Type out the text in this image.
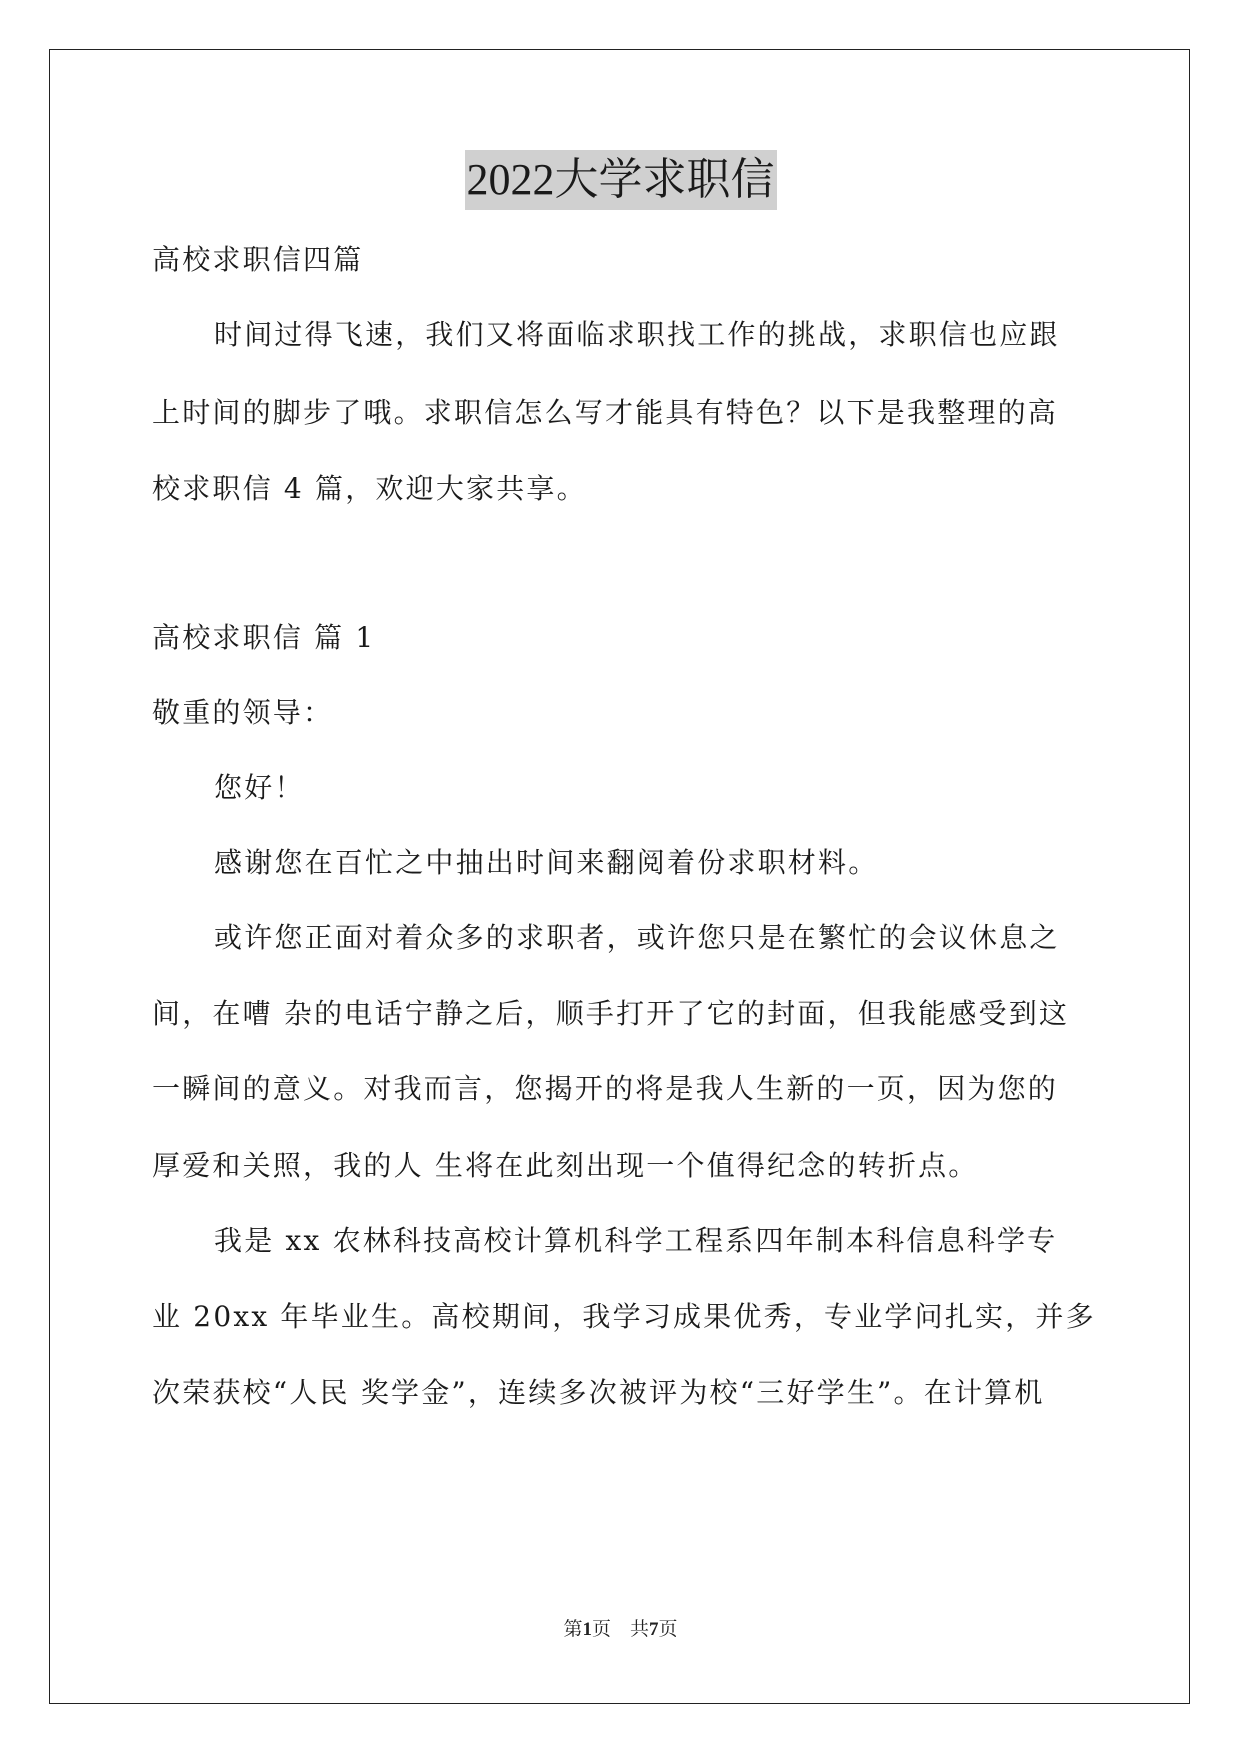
2022大学求职信
高校求职信四篇
时间过得飞速，我们又将面临求职找工作的挑战，求职信也应跟
上时间的脚步了哦。求职信怎么写才能具有特色？以下是我整理的高
校求职信 4 篇，欢迎大家共享。
高校求职信 篇 1
敬重的领导：
您好！
感谢您在百忙之中抽出时间来翻阅着份求职材料。
或许您正面对着众多的求职者，或许您只是在繁忙的会议休息之
间，在嘈 杂的电话宁静之后，顺手打开了它的封面，但我能感受到这
一瞬间的意义。对我而言，您揭开的将是我人生新的一页，因为您的
厚爱和关照，我的人 生将在此刻出现一个值得纪念的转折点。
我是 xx 农林科技高校计算机科学工程系四年制本科信息科学专
业 20xx 年毕业生。高校期间，我学习成果优秀，专业学问扎实，并多
次荣获校“人民 奖学金”，连续多次被评为校“三好学生”。在计算机
第1页    共7页
